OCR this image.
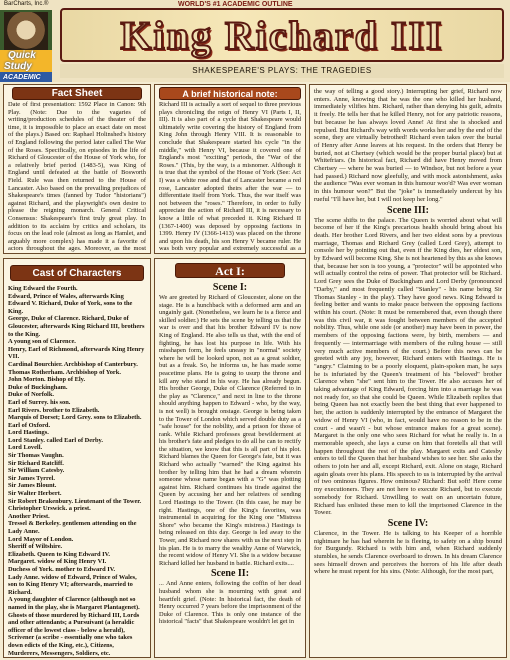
BarCharts, Inc.®	WORLD'S #1 ACADEMIC OUTLINE
Quick
Study
ACADEMIC
King Richard III
SHAKESPEARE'S PLAYS: THE TRAGEDIES
Fact Sheet

Date of first presentation: 1592 Place in Canon: 9th Play. (Note: Due to the vagaries of writing/production schedules of the theater of the time, it is impossible to place an exact date on most of the plays.) Based on: Raphael Holinshed's history of England following the period later called The War of the Roses. Specifically, on episodes in the life of Richard of Gloucester of the House of York who, for a relatively brief period (1483-5), was King of England until defeated at the battle of Bosworth Field. Rule was then returned to the House of Lancaster. Also based on the prevailing prejudices of Shakespeare's times (fanned by Tudor "historians") against Richard, and the playwright's own desire to please the reigning monarch. General Critical Consensus: Shakespeare's first truly great play. In addition to its acclaim by critics and scholars, its focus on the lead role (almost as long as Hamlet, and arguably more complex) has made it a favorite of actors throughout the ages. Moreover, as the most

A brief historical note:

Richard III is actually a sort of sequel to three previous plays chronicling the reign of Henry VI (Parts I, II, III). It is also part of a cycle that Shakespeare would ultimately write covering the history of England from King John through Henry VIII. It is reasonable to conclude that Shakespeare started his cycle "in the middle," with Henry VI, because it covered one of England's most "exciting" periods, the "War of the Roses." (This, by the way, is a misnomer. Although it is true that the symbol of the House of York (See: Act I) was a white rose and that of Lancaster became a red rose, Lancaster adopted theirs after the war — to differentiate itself from York. Thus, the war itself was not between the "roses." Therefore, in order to fully appreciate the action of Richard III, it is necessary to know a little of what preceded it. King Richard II (1367-1400) was deposed by opposing factions in 1399. Henry IV (1366-1413) was placed on the throne and upon his death, his son Henry V became ruler. He was both very popular and extremely successful as a

Cast of Characters

King Edward the Fourth.

Edward, Prince of Wales, afterwards King Edward V. Richard, Duke of York, sons to the King.

George, Duke of Clarence. Richard, Duke of Gloucester, afterwards King Richard III, brothers to the King.

A young son of Clarence.

Henry, Earl of Richmond, afterwards King Henry VII.

Cardinal Bourchier. Archbishop of Canterbury.

Thomas Rotherham. Archbishop of York.

John Morton. Bishop of Ely.

Duke of Buckingham.

Duke of Norfolk.

Earl of Surrey. his son.

Earl Rivers. brother to Elizabeth.

Marquis of Dorset; Lord Grey. sons to Elizabeth.

Earl of Oxford.

Lord Hastings.

Lord Stanley. called Earl of Derby.

Lord Lovell.

Sir Thomas Vaughn.

Sir Richard Ratcliff.

Sir William Catesby.

Sir James Tyrrel.

Sir James Blount.

Sir Walter Herbert.

Sir Robert Brakenbury. Lieutenant of the Tower.

Christopher Urswick. a priest.

Another Priest.

Tressel & Berkeley. gentlemen attending on the Lady Anne.

Lord Mayor of London.

Sheriff of Wiltshire.

Elizabeth. Queen to King Edward IV.

Margaret. widow of King Henry VI.

Duchess of York. mother to Edward IV.

Lady Anne. widow of Edward, Prince of Wales, son to King Henry VI; afterwards, married to Richard.

A young daughter of Clarence (although not so named in the play, she is Margaret Plantagenet).

Ghosts of those murdered by Richard III, Lords and other attendants; a Pursuivant (a heraldic officer of the lowest class - below a herald), Scrivener (a scribe - essentially one who takes down edicts of the King, etc.), Citizens, Murderers, Messengers, Soldiers, etc.

Act I:
Scene I:

We are greeted by Richard of Gloucester, alone on the stage. He is a hunchback with a deformed arm and an ungainly gait. (Nonetheless, we learn he is a fierce and skilled soldier.) He sets the scene by telling us that the war is over and that his brother Edward IV is now King of England. He also tells us that, with the end of fighting, he has lost his purpose in life. With his misshapen form, he feels uneasy in "normal" society where he will be looked upon, not as a great soldier, but as a freak. So, he informs us, he has made some peacetime plans. He is going to usurp the throne and kill any who stand in his way. He has already begun. His brother George, Duke of Clarence (Referred to in the play as "Clarence," and next in line to the throne should anything happen to Edward - who, by the way, is not well) is brought onstage. George is being taken to the Tower of London which served double duty as a "safe house" for the nobility, and a prison for those of rank. While Richard professes great bewilderment at his brother's fate and pledges to do all he can to rectify the situation, we know that this is all part of his plot. Richard blames the Queen for George's fate, but it was Richard who actually "warned" the King against his brother by telling him that he had a dream wherein someone whose name began with a "G" was plotting against him. Richard continues his tirade against the Queen by accusing her and her relatives of sending Lord Hastings to the Tower. (In this case, he may be right. Hastings, one of the King's favorites, was instrumental in acquiring for the King one "Mistress Shore" who became the King's mistress.) Hastings is being released on this day. George is led away to the Tower, and Richard now shares with us the next step in his plan. He is to marry the wealthy Anne of Warwick, the recent widow of Henry VI. She is a widow because Richard killed her husband in battle. Richard exits....

Scene II:

... And Anne enters, following the coffin of her dead husband whom she is mourning with great and heartfelt grief. (Note: In historical fact, the death of Henry occurred 7 years before the imprisonment of the Duke of Clarence. This is only one instance of the historical "facts" that Shakespeare wouldn't let get in

the way of telling a good story.) Interrupting her grief, Richard now enters. Anne, knowing that he was the one who killed her husband, immediately vilifies him. Richard, rather than denying his guilt, admits it freely. He tells her that he killed Henry, not for any patriotic reasons, but because he has always loved Anne! At first she is shocked and repulsed. But Richard's way with words works her and by the end of the scene, they are virtually betrothed! Richard even takes over the burial of Henry after Anne leaves at his request. In the orders that Henry be buried, not at Chertsey (which would be the proper burial place) but at Whitefriars. (In historical fact, Richard did have Henry moved from Chertsey — where he was buried — to Windsor, but not before a year had passed.) Richard now gleefully, and with mock astonishment, asks the audience "Was ever woman in this humour woo'd? Was ever woman in this humour won?" But the "joke" is immediately undercut by his rueful "I'll have her, but I will not keep her long."

Scene III:

The scene shifts to the palace. The Queen is worried about what will become of her if the King's precarious health should bring about his death. Her brother Lord Rivers, and her two eldest sons by a previous marriage, Thomas and Richard Grey (called Lord Grey), attempt to console her by pointing out that, even if the King dies, her eldest son, by Edward will become King. She is not heartened by this as she knows that, because her son is too young, a "protector" will be appointed who will actually control the reins of power. That protector will be Richard. Lord Grey sees the Duke of Buckingham and Lord Derby (pronounced "Darby," and most frequently called "Stanley" - his name being Sir Thomas Stanley - in the play). They have good news. King Edward is feeling better and wants to make peace between the opposing factions within his court. (Note: It must be remembered that, even though there was this civil war, it was fought between members of the accepted nobility. Thus, while one side (or another) may have been in power, the members of the opposing factions were, by birth, members — and frequently — intermarriage with members of the ruling house — still very much active members of the court.) Before this news can be greeted with any joy, however, Richard enters with Hastings. He is "angry." Claiming to be a poorly eloquent, plain-spoken man, he says he is infuriated by the Queen's treatment of his "beloved" brother Clarence when "she" sent him to the Tower. He also accuses her of taking advantage of King Edward, forcing him into a marriage he was not ready for, so that she could be Queen. While Elizabeth replies that being Queen has not exactly been the best thing that ever happened to her, the action is suddenly interrupted by the entrance of Margaret the widow of Henry VI (who, in fact, would have no reason to be in the court - and wasn't - but whose entrance makes for a great scene). Margaret is the only one who sees Richard for what he really is. In a memorable speech, she lays a curse on him that foretells all that will happen throughout the rest of the play. Margaret exits and Catesby enters to tell the Queen that her husband wishes to see her. She asks the others to join her and all, except Richard, exit. Alone on stage, Richard again gloats over his plans. His speech to us is interrupted by the arrival of two ominous figures. How ominous? Richard: But soft! Here come my executioners. They are not here to execute Richard, but to execute somebody for Richard. Unwilling to wait on an uncertain future, Richard has enlisted these men to kill the imprisoned Clarence in the Tower.

Scene IV:

Clarence, in the Tower. He is talking to his Keeper of a horrible nightmare he has had wherein he is fleeing, to safety on a ship bound for Burgundy. Richard is with him and, when Richard suddenly stumbles, he sends Clarence overboard to drown. In his dream Clarence sees himself drown and perceives the horrors of his life after death where he must repent for his sins. (Note: Although, for the most part,
